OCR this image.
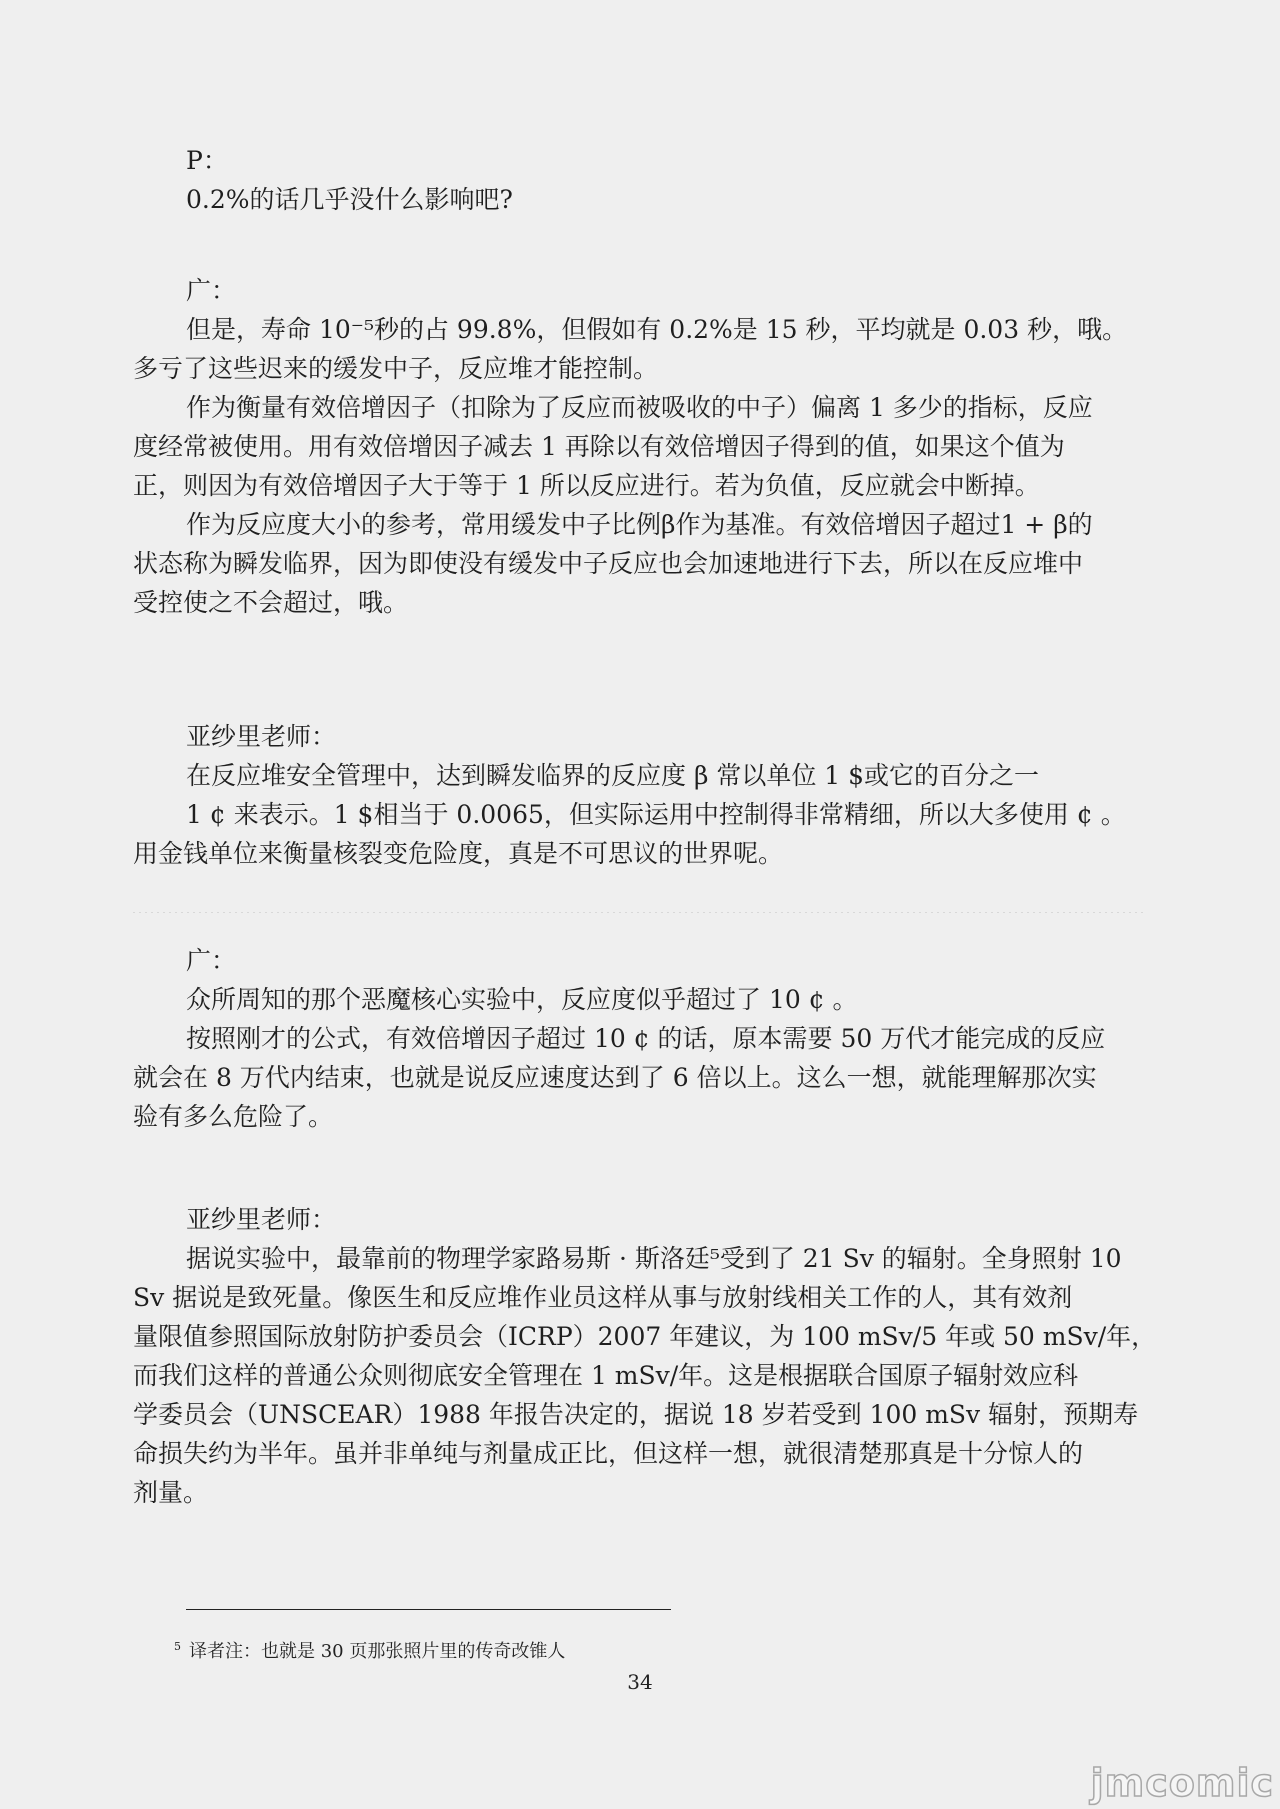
P：
0.2%的话几乎没什么影响吧?
广：
但是，寿命 10⁻⁵秒的占 99.8%，但假如有 0.2%是 15 秒，平均就是 0.03 秒，哦。
多亏了这些迟来的缓发中子，反应堆才能控制。
作为衡量有效倍增因子（扣除为了反应而被吸收的中子）偏离 1 多少的指标，反应
度经常被使用。用有效倍增因子减去 1 再除以有效倍增因子得到的值，如果这个值为
正，则因为有效倍增因子大于等于 1 所以反应进行。若为负值，反应就会中断掉。
作为反应度大小的参考，常用缓发中子比例β作为基准。有效倍增因子超过1 + β的
状态称为瞬发临界，因为即使没有缓发中子反应也会加速地进行下去，所以在反应堆中
受控使之不会超过，哦。
亚纱里老师：
在反应堆安全管理中，达到瞬发临界的反应度 β 常以单位 1 $或它的百分之一
1 ¢ 来表示。1 $相当于 0.0065，但实际运用中控制得非常精细，所以大多使用 ¢ 。
用金钱单位来衡量核裂变危险度，真是不可思议的世界呢。
广：
众所周知的那个恶魔核心实验中，反应度似乎超过了 10 ¢ 。
按照刚才的公式，有效倍增因子超过 10 ¢ 的话，原本需要 50 万代才能完成的反应
就会在 8 万代内结束，也就是说反应速度达到了 6 倍以上。这么一想，就能理解那次实
验有多么危险了。
亚纱里老师：
据说实验中，最靠前的物理学家路易斯 · 斯洛廷⁵受到了 21 Sv 的辐射。全身照射 10
Sv 据说是致死量。像医生和反应堆作业员这样从事与放射线相关工作的人，其有效剂
量限值参照国际放射防护委员会（ICRP）2007 年建议，为 100 mSv/5 年或 50 mSv/年，
而我们这样的普通公众则彻底安全管理在 1 mSv/年。这是根据联合国原子辐射效应科
学委员会（UNSCEAR）1988 年报告决定的，据说 18 岁若受到 100 mSv 辐射，预期寿
命损失约为半年。虽并非单纯与剂量成正比，但这样一想，就很清楚那真是十分惊人的
剂量。
$^5$ 译者注：也就是 30 页那张照片里的传奇改锥人
34
jmcomic
